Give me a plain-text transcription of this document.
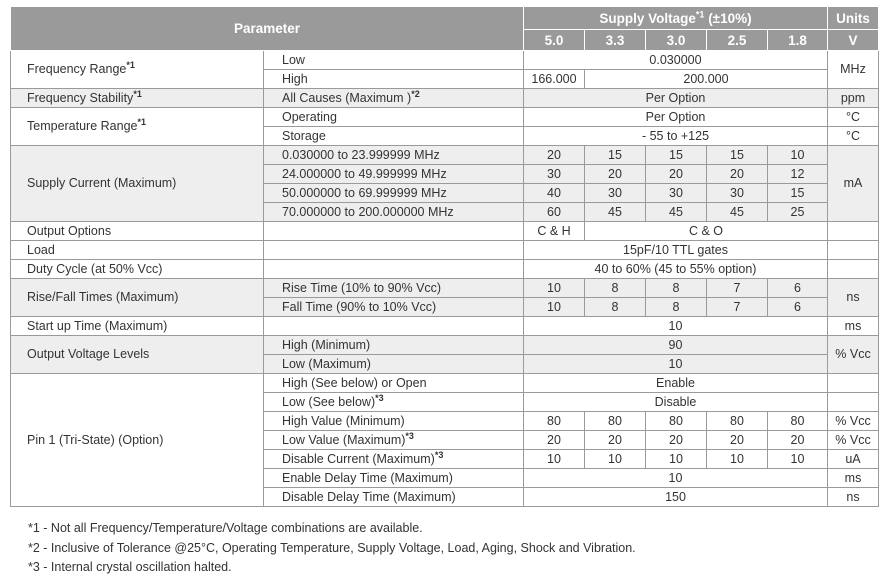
Parameter		Supply Voltage$^{*1}$ (±10%)					Units
		5.0	3.3	3.0	2.5	1.8	V
Frequency Range$^{*1}$	Low	0.030000					MHz
	High	166.000	200.000				
Frequency Stability$^{*1}$	All Causes (Maximum )$^{*2}$	Per Option					ppm
Temperature Range$^{*1}$	Operating	Per Option					°C
	Storage	- 55 to +125					°C
Supply Current (Maximum)	0.030000 to 23.999999 MHz	20	15	15	15	10	mA
	24.000000 to 49.999999 MHz	30	20	20	20	12	
	50.000000 to 69.999999 MHz	40	30	30	30	15	
	70.000000 to 200.000000 MHz	60	45	45	45	25	
Output Options		C & H	C & O				
Load		15pF/10 TTL gates					
Duty Cycle (at 50% Vcc)		40 to 60% (45 to 55% option)					
Rise/Fall Times (Maximum)	Rise Time (10% to 90% Vcc)	10	8	8	7	6	ns
	Fall Time (90% to 10% Vcc)	10	8	8	7	6	
Start up Time (Maximum)		10					ms
Output Voltage Levels	High (Minimum)	90					% Vcc
	Low (Maximum)	10					
Pin 1 (Tri-State) (Option)	High (See below) or Open	Enable					
	Low (See below)$^{*3}$	Disable					
	High Value (Minimum)	80	80	80	80	80	% Vcc
	Low Value (Maximum)$^{*3}$	20	20	20	20	20	% Vcc
	Disable Current (Maximum)$^{*3}$	10	10	10	10	10	uA
	Enable Delay Time (Maximum)	10					ms
	Disable Delay Time (Maximum)	150					ns
*1 - Not all Frequency/Temperature/Voltage combinations are available.
*2 - Inclusive of Tolerance @25°C, Operating Temperature, Supply Voltage, Load, Aging, Shock and Vibration.
*3 - Internal crystal oscillation halted.
